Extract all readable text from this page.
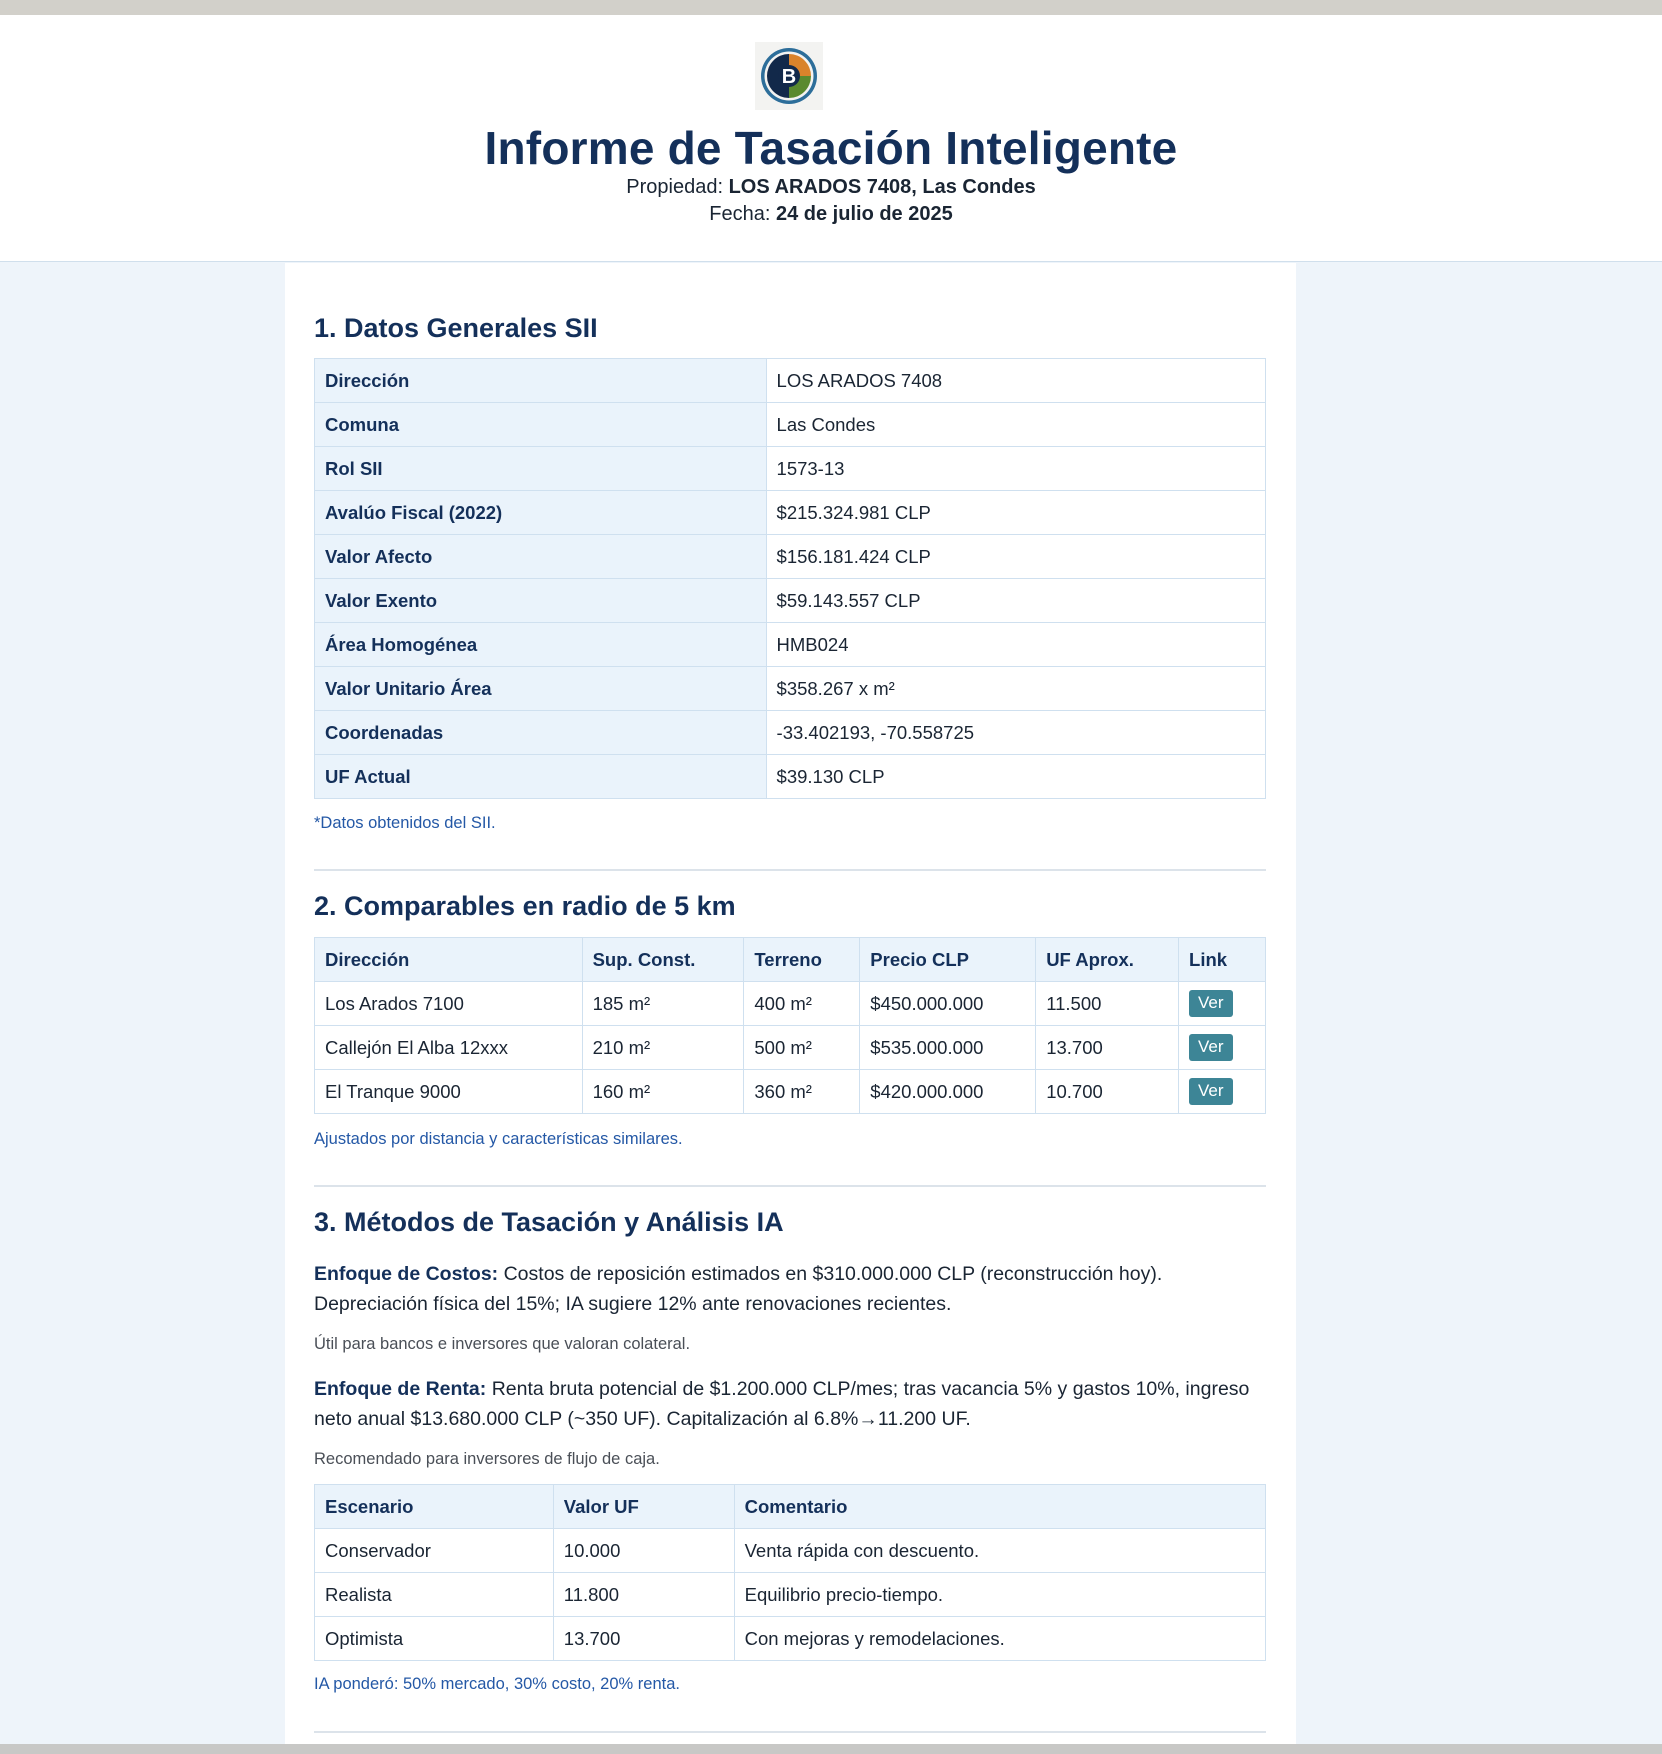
B
Informe de Tasación Inteligente
Propiedad: LOS ARADOS 7408, Las Condes
Fecha: 24 de julio de 2025
1. Datos Generales SII
Dirección	LOS ARADOS 7408
Comuna	Las Condes
Rol SII	1573-13
Avalúo Fiscal (2022)	$215.324.981 CLP
Valor Afecto	$156.181.424 CLP
Valor Exento	$59.143.557 CLP
Área Homogénea	HMB024
Valor Unitario Área	$358.267 x m²
Coordenadas	-33.402193, -70.558725
UF Actual	$39.130 CLP
*Datos obtenidos del SII.
2. Comparables en radio de 5 km
Dirección	Sup. Const.	Terreno	Precio CLP	UF Aprox.	Link
Los Arados 7100	185 m²	400 m²	$450.000.000	11.500	Ver
Callejón El Alba 12xxx	210 m²	500 m²	$535.000.000	13.700	Ver
El Tranque 9000	160 m²	360 m²	$420.000.000	10.700	Ver
Ajustados por distancia y características similares.
3. Métodos de Tasación y Análisis IA
Enfoque de Costos: Costos de reposición estimados en $310.000.000 CLP (reconstrucción hoy). Depreciación física del 15%; IA sugiere 12% ante renovaciones recientes.
Útil para bancos e inversores que valoran colateral.
Enfoque de Renta: Renta bruta potencial de $1.200.000 CLP/mes; tras vacancia 5% y gastos 10%, ingreso neto anual $13.680.000 CLP (~350 UF). Capitalización al 6.8%→11.200 UF.
Recomendado para inversores de flujo de caja.
Escenario	Valor UF	Comentario
Conservador	10.000	Venta rápida con descuento.
Realista	11.800	Equilibrio precio-tiempo.
Optimista	13.700	Con mejoras y remodelaciones.
IA ponderó: 50% mercado, 30% costo, 20% renta.
